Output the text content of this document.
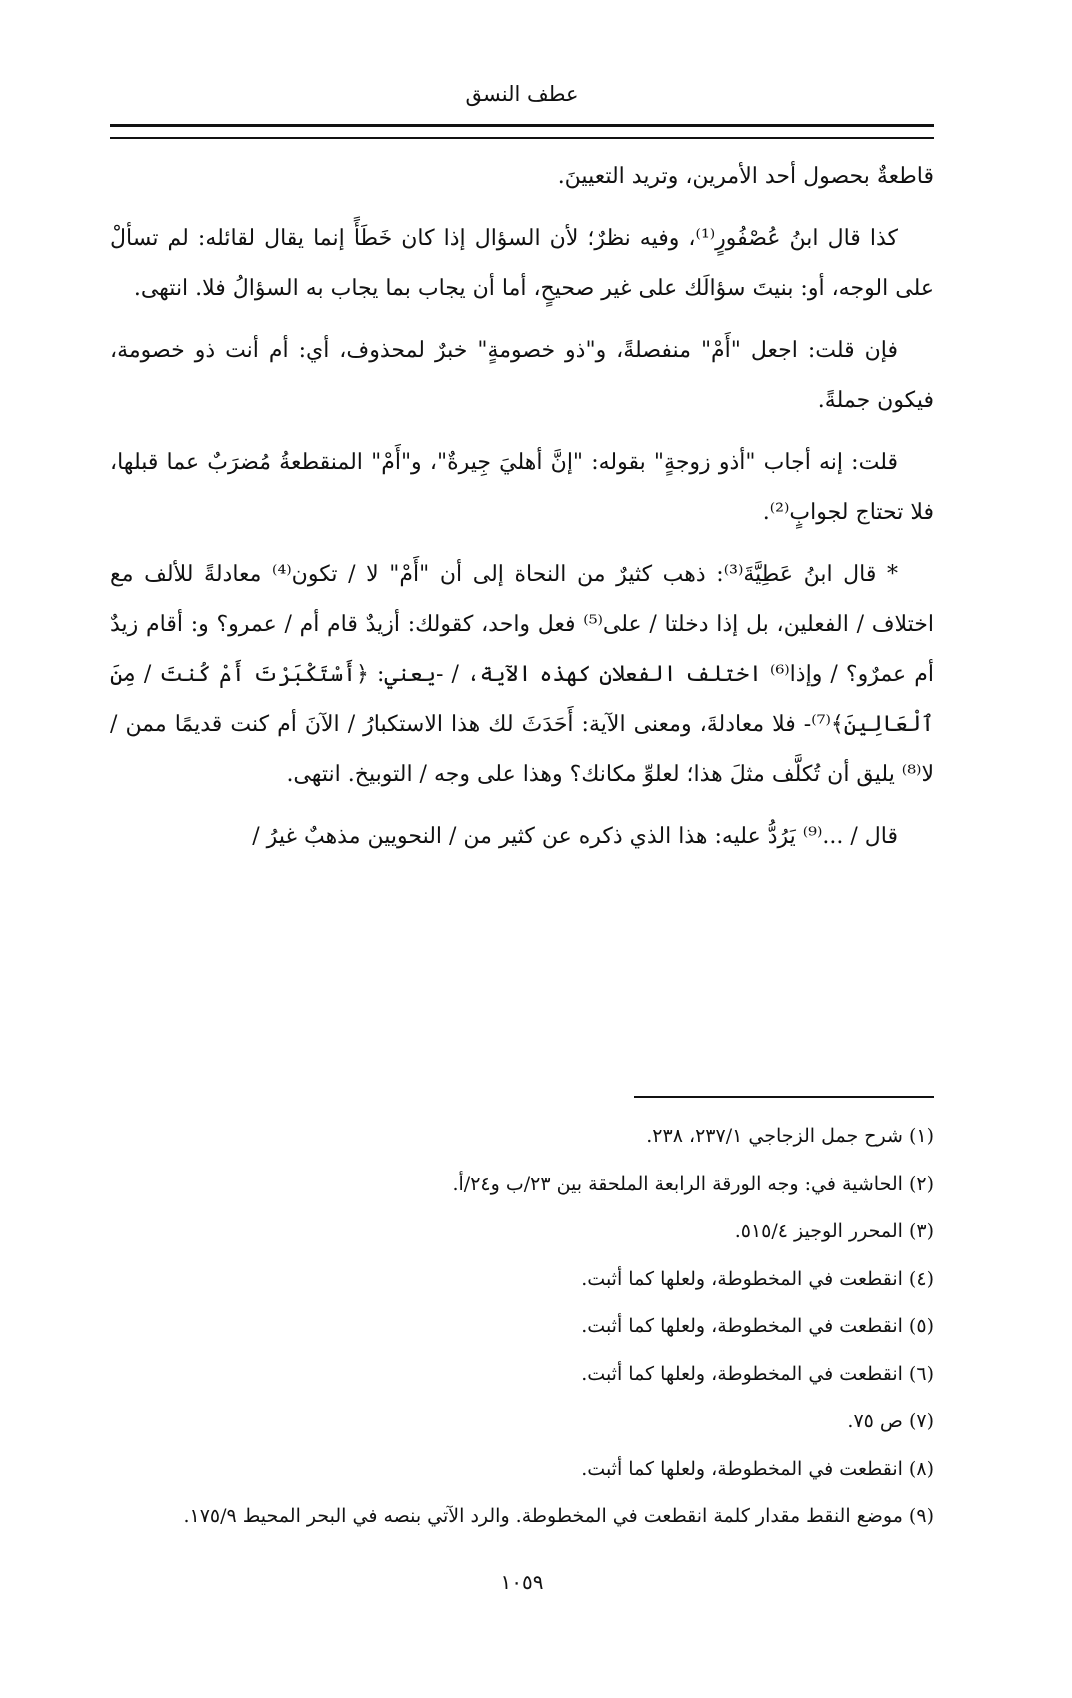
عطف النسق

قاطعةٌ بحصول أحد الأمرين، وتريد التعيينَ.

كذا قال ابنُ عُصْفُورٍ⁽¹⁾، وفيه نظرٌ؛ لأن السؤال إذا كان خَطَأً إنما يقال لقائله: لم تسألْ على الوجه، أو: بنيتَ سؤالَك على غير صحيحٍ، أما أن يجاب بما يجاب به السؤالُ فلا. انتهى.

فإن قلت: اجعل "أَمْ" منفصلةً، و"ذو خصومةٍ" خبرٌ لمحذوف، أي: أم أنت ذو خصومة، فيكون جملةً.

قلت: إنه أجاب "أذو زوجةٍ" بقوله: "إنَّ أهليَ جِيرةٌ"، و"أَمْ" المنقطعةُ مُضرَبٌ عما قبلها، فلا تحتاج لجوابٍ⁽²⁾.

* قال ابنُ عَطِيَّةَ⁽³⁾: ذهب كثيرٌ من النحاة إلى أن "أَمْ" لا / تكون⁽⁴⁾ معادلةً للألف مع اختلاف / الفعلين، بل إذا دخلتا / على⁽⁵⁾ فعل واحد، كقولك: أزيدٌ قام أم / عمرو؟ و: أقام زيدٌ أم عمرٌو؟ / وإذا⁽⁶⁾ اختلف الفعلان كهذه الآية، / -يعني: ﴿أَسْتَكْبَرْتَ أَمْ كُنتَ / مِنَ ٱلْعَالِينَ﴾⁽⁷⁾- فلا معادلةَ، ومعنى الآية: أَحَدَثَ لك هذا الاستكبارُ / الآنَ أم كنت قديمًا ممن / لا⁽⁸⁾ يليق أن تُكلَّف مثلَ هذا؛ لعلوِّ مكانك؟ وهذا على وجه / التوبيخ. انتهى.

قال / ...⁽⁹⁾ يَرُدُّ عليه: هذا الذي ذكره عن كثير من / النحويين مذهبٌ غيرُ /

(١) شرح جمل الزجاجي ٢٣٧/١، ٢٣٨.

(٢) الحاشية في: وجه الورقة الرابعة الملحقة بين ٢٣/ب و٢٤/أ.

(٣) المحرر الوجيز ٥١٥/٤.

(٤) انقطعت في المخطوطة، ولعلها كما أثبت.

(٥) انقطعت في المخطوطة، ولعلها كما أثبت.

(٦) انقطعت في المخطوطة، ولعلها كما أثبت.

(٧) ص ٧٥.

(٨) انقطعت في المخطوطة، ولعلها كما أثبت.

(٩) موضع النقط مقدار كلمة انقطعت في المخطوطة. والرد الآتي بنصه في البحر المحيط ١٧٥/٩.

١٠٥٩
